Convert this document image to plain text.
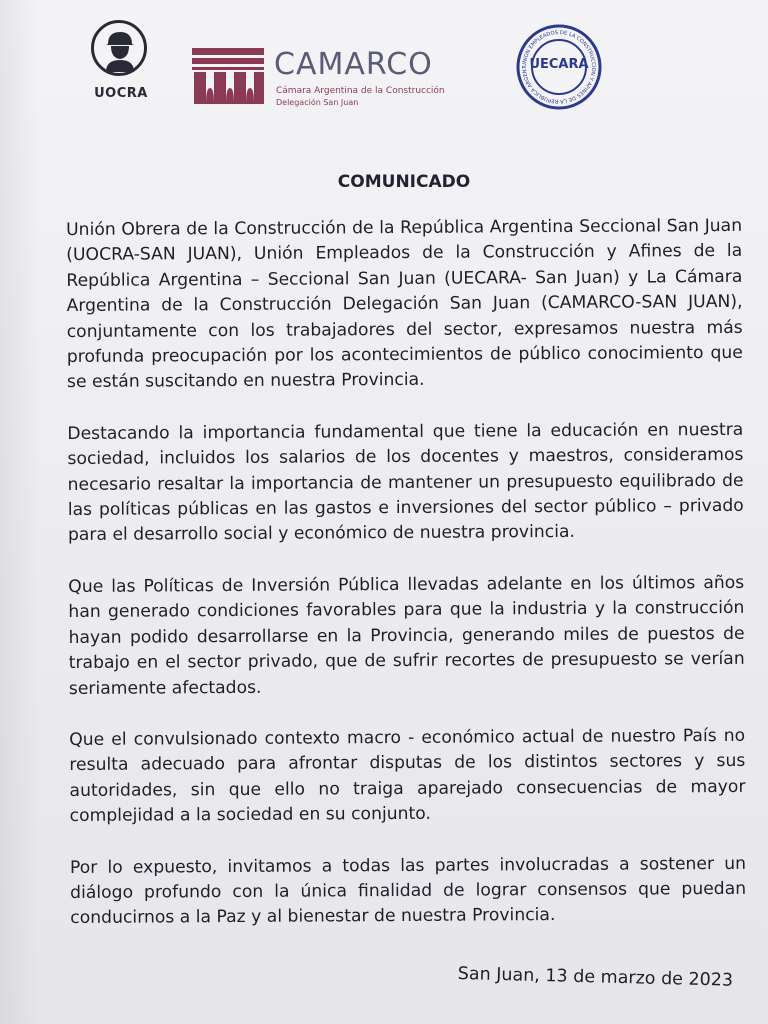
UOCRA
CAMARCO
Cámara Argentina de la Construcción
Delegación San Juan
UNION EMPLEADOS DE LA CONSTRUCCION Y AFINES DE LA REPUBLICA ARGENT UECARA
COMUNICADO

Unión Obrera de la Construcción de la República Argentina Seccional San Juan (UOCRA-SAN JUAN), Unión Empleados de la Construcción y Afines de la República Argentina – Seccional San Juan (UECARA- San Juan) y La Cámara Argentina de la Construcción Delegación San Juan (CAMARCO-SAN JUAN), conjuntamente con los trabajadores del sector, expresamos nuestra más profunda preocupación por los acontecimientos de público conocimiento que se están suscitando en nuestra Provincia.

Destacando la importancia fundamental que tiene la educación en nuestra sociedad, incluidos los salarios de los docentes y maestros, consideramos necesario resaltar la importancia de mantener un presupuesto equilibrado de las políticas públicas en las gastos e inversiones del sector público – privado para el desarrollo social y económico de nuestra provincia.

Que las Políticas de Inversión Pública llevadas adelante en los últimos años han generado condiciones favorables para que la industria y la construcción hayan podido desarrollarse en la Provincia, generando miles de puestos de trabajo en el sector privado, que de sufrir recortes de presupuesto se verían seriamente afectados.

Que el convulsionado contexto macro - económico actual de nuestro País no resulta adecuado para afrontar disputas de los distintos sectores y sus autoridades, sin que ello no traiga aparejado consecuencias de mayor complejidad a la sociedad en su conjunto.

Por lo expuesto, invitamos a todas las partes involucradas a sostener un diálogo profundo con la única finalidad de lograr consensos que puedan conducirnos a la Paz y al bienestar de nuestra Provincia.

San Juan, 13 de marzo de 2023
